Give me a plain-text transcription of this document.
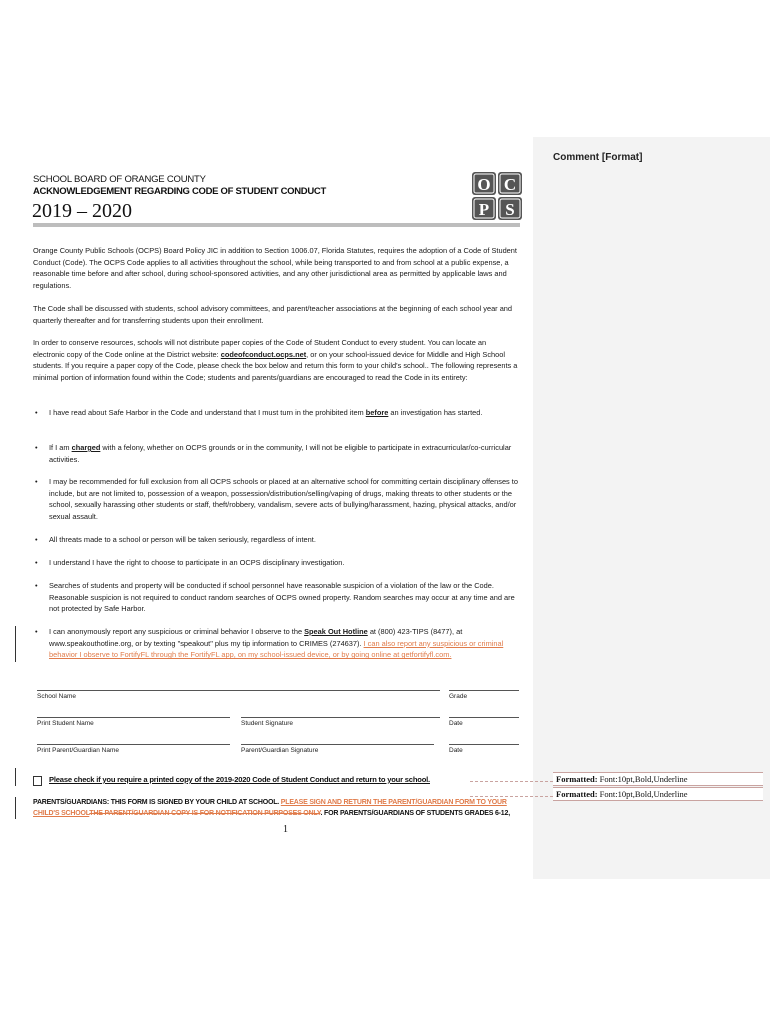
SCHOOL BOARD OF ORANGE COUNTY
ACKNOWLEDGEMENT REGARDING CODE OF STUDENT CONDUCT
2019 – 2020
O C
P S
Orange County Public Schools (OCPS) Board Policy JIC in addition to Section 1006.07, Florida Statutes, requires the adoption of a Code of Student Conduct (Code). The OCPS Code applies to all activities throughout the school, while being transported to and from school at a public expense, a reasonable time before and after school, during school-sponsored activities, and any other jurisdictional area as permitted by applicable laws and regulations.
The Code shall be discussed with students, school advisory committees, and parent/teacher associations at the beginning of each school year and quarterly thereafter and for transferring students upon their enrollment.
In order to conserve resources, schools will not distribute paper copies of the Code of Student Conduct to every student. You can locate an electronic copy of the Code online at the District website: codeofconduct.ocps.net, or on your school-issued device for Middle and High School students. If you require a paper copy of the Code, please check the box below and return this form to your child's school.. The following represents a minimal portion of information found within the Code; students and parents/guardians are encouraged to read the Code in its entirety:
• I have read about Safe Harbor in the Code and understand that I must turn in the prohibited item before an investigation has started.
• If I am charged with a felony, whether on OCPS grounds or in the community, I will not be eligible to participate in extracurricular/co-curricular activities.
• I may be recommended for full exclusion from all OCPS schools or placed at an alternative school for committing certain disciplinary offenses to include, but are not limited to, possession of a weapon, possession/distribution/selling/vaping of drugs, making threats to other students or the school, sexually harassing other students or staff, theft/robbery, vandalism, severe acts of bullying/harassment, hazing, physical attacks, and/or sexual assault.
• All threats made to a school or person will be taken seriously, regardless of intent.
• I understand I have the right to choose to participate in an OCPS disciplinary investigation.
• Searches of students and property will be conducted if school personnel have reasonable suspicion of a violation of the law or the Code. Reasonable suspicion is not required to conduct random searches of OCPS owned property. Random searches may occur at any time and are not protected by Safe Harbor.
• I can anonymously report any suspicious or criminal behavior I observe to the Speak Out Hotline at (800) 423-TIPS (8477), at www.speakouthotline.org, or by texting "speakout" plus my tip information to CRIMES (274637). I can also report any suspicious or criminal behavior I observe to FortifyFL through the FortifyFL app, on my school-issued device, or by going online at getfortifyfl.com.
School Name	Grade
Print Student Name	Student Signature	Date
Print Parent/Guardian Name	Parent/Guardian Signature	Date
Please check if you require a printed copy of the 2019-2020 Code of Student Conduct and return to your school.
PARENTS/GUARDIANS: THIS FORM IS SIGNED BY YOUR CHILD AT SCHOOL. PLEASE SIGN AND RETURN THE PARENT/GUARDIAN FORM TO YOUR CHILD'S SCHOOLTHE PARENT/GUARDIAN COPY IS FOR NOTIFICATION PURPOSES ONLY. FOR PARENTS/GUARDIANS OF STUDENTS GRADES 6-12,
1
Comment [Format]
Formatted: Font:10pt,Bold,Underline
Formatted: Font:10pt,Bold,Underline
